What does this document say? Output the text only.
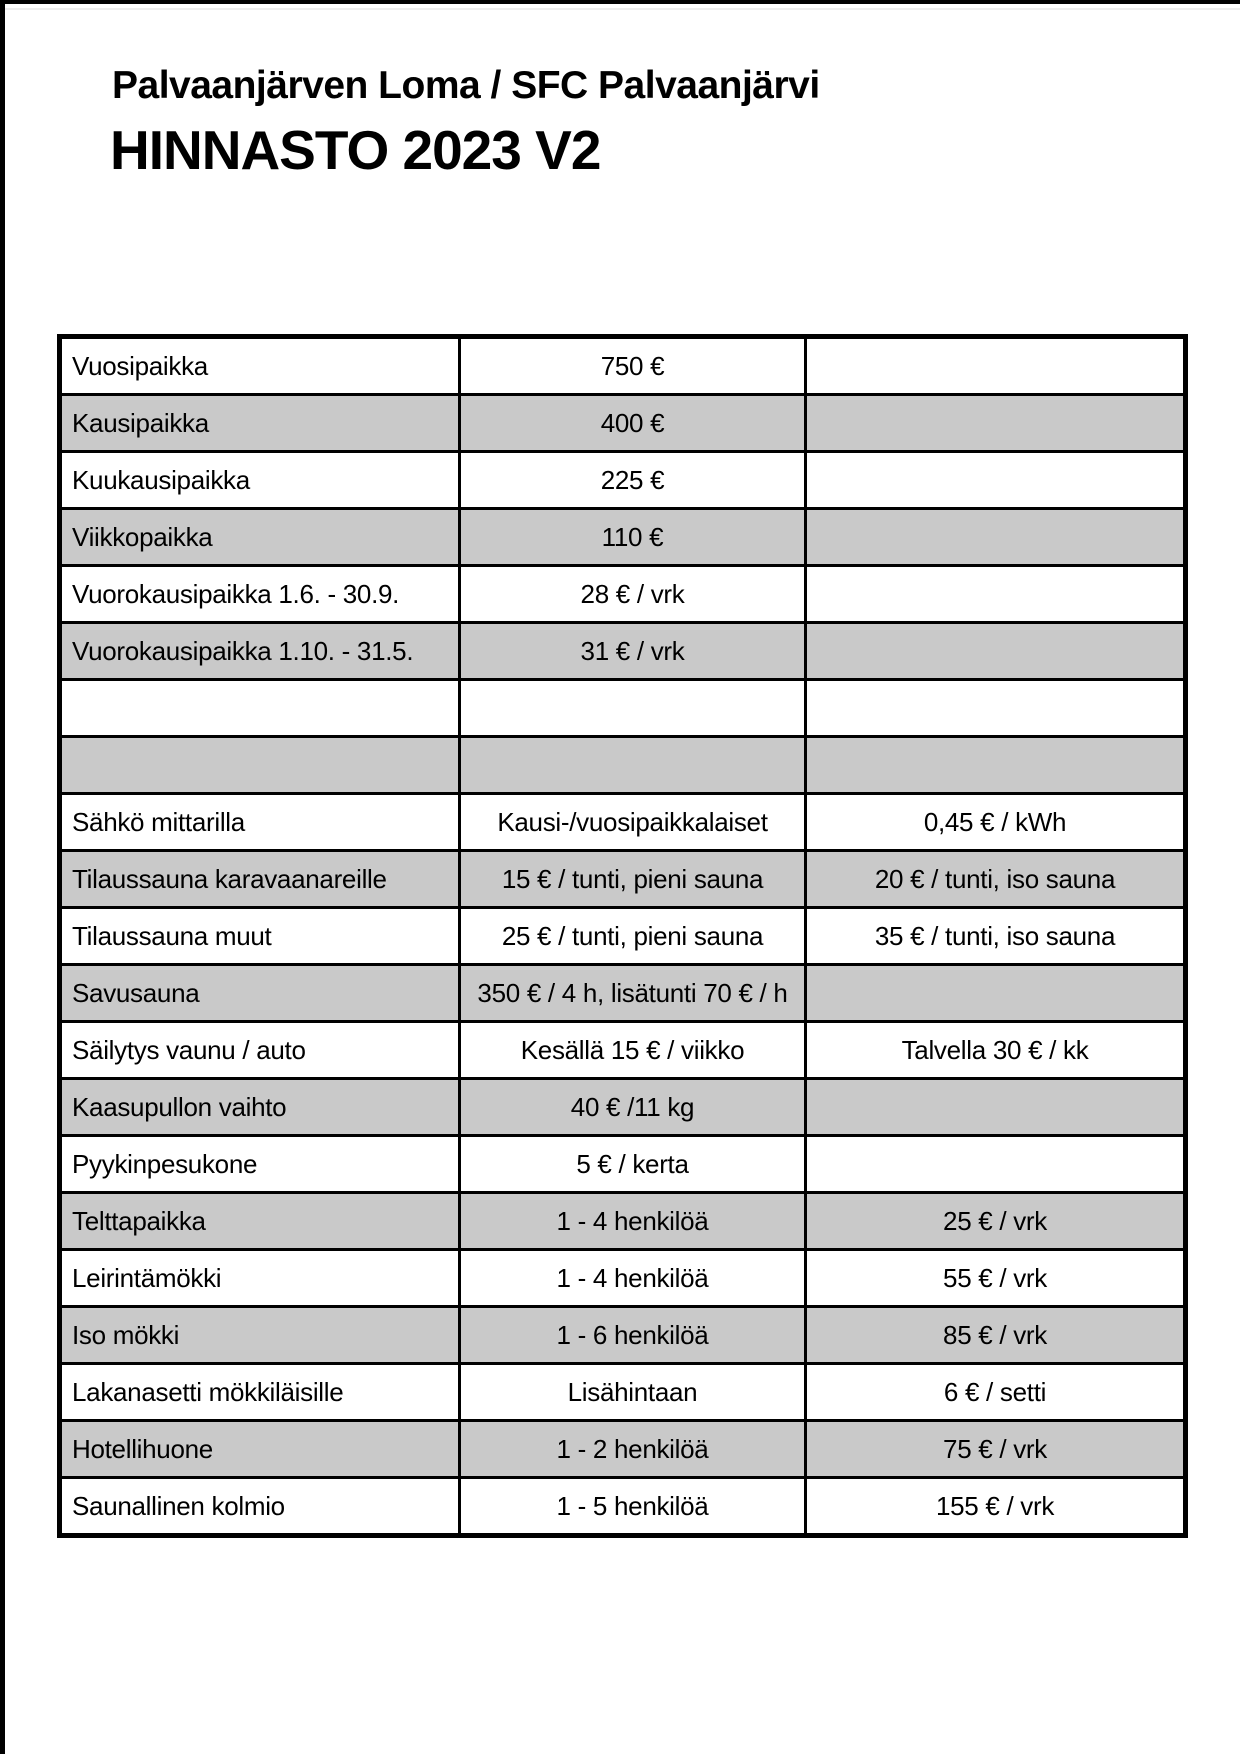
Palvaanjärven Loma / SFC Palvaanjärvi
HINNASTO 2023 V2
Vuosipaikka	750 €	
Kausipaikka	400 €	
Kuukausipaikka	225 €	
Viikkopaikka	110 €	
Vuorokausipaikka 1.6. - 30.9.	28 € / vrk	
Vuorokausipaikka 1.10. - 31.5.	31 € / vrk	

Sähkö mittarilla	Kausi-/vuosipaikkalaiset	0,45 € / kWh
Tilaussauna karavaanareille	15 € / tunti, pieni sauna	20 € / tunti, iso sauna
Tilaussauna muut	25 € / tunti, pieni sauna	35 € / tunti, iso sauna
Savusauna	350 € / 4 h, lisätunti 70 € / h	
Säilytys vaunu / auto	Kesällä 15 € / viikko	Talvella 30 € / kk
Kaasupullon vaihto	40 € /11 kg	
Pyykinpesukone	5 € / kerta	
Telttapaikka	1 - 4 henkilöä	25 € / vrk
Leirintämökki	1 - 4 henkilöä	55 € / vrk
Iso mökki	1 - 6 henkilöä	85 € / vrk
Lakanasetti mökkiläisille	Lisähintaan	6 € / setti
Hotellihuone	1 - 2 henkilöä	75 € / vrk
Saunallinen kolmio	1 - 5 henkilöä	155 € / vrk
